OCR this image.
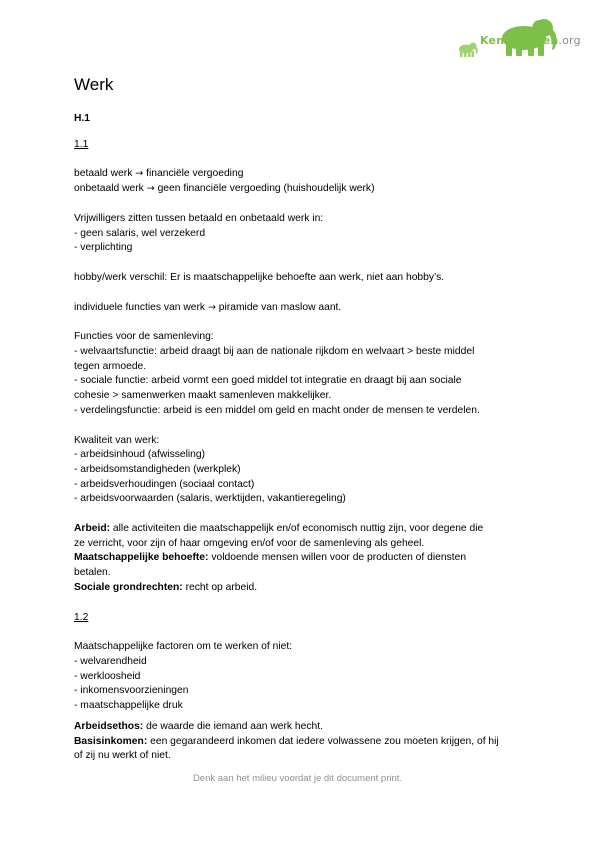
Kennisdelen.org
Werk
H.1
1.1
betaald werk → financiële vergoeding
onbetaald werk → geen financiële vergoeding (huishoudelijk werk)
Vrijwilligers zitten tussen betaald en onbetaald werk in:
- geen salaris, wel verzekerd
- verplichting
hobby/werk verschil: Er is maatschappelijke behoefte aan werk, niet aan hobby’s.
individuele functies van werk → piramide van maslow aant.
Functies voor de samenleving:
- welvaartsfunctie: arbeid draagt bij aan de nationale rijkdom en welvaart > beste middel
tegen armoede.
- sociale functie: arbeid vormt een goed middel tot integratie en draagt bij aan sociale
cohesie > samenwerken maakt samenleven makkelijker.
- verdelingsfunctie: arbeid is een middel om geld en macht onder de mensen te verdelen.
Kwaliteit van werk:
- arbeidsinhoud (afwisseling)
- arbeidsomstandigheden (werkplek)
- arbeidsverhoudingen (sociaal contact)
- arbeidsvoorwaarden (salaris, werktijden, vakantieregeling)
Arbeid: alle activiteiten die maatschappelijk en/of economisch nuttig zijn, voor degene die
ze verricht, voor zijn of haar omgeving en/of voor de samenleving als geheel.
Maatschappelijke behoefte: voldoende mensen willen voor de producten of diensten
betalen.
Sociale grondrechten: recht op arbeid.
1.2
Maatschappelijke factoren om te werken of niet:
- welvarendheid
- werkloosheid
- inkomensvoorzieningen
- maatschappelijke druk
Arbeidsethos: de waarde die iemand aan werk hecht.
Basisinkomen: een gegarandeerd inkomen dat iedere volwassene zou moeten krijgen, of hij
of zij nu werkt of niet.
Denk aan het milieu voordat je dit document print.
